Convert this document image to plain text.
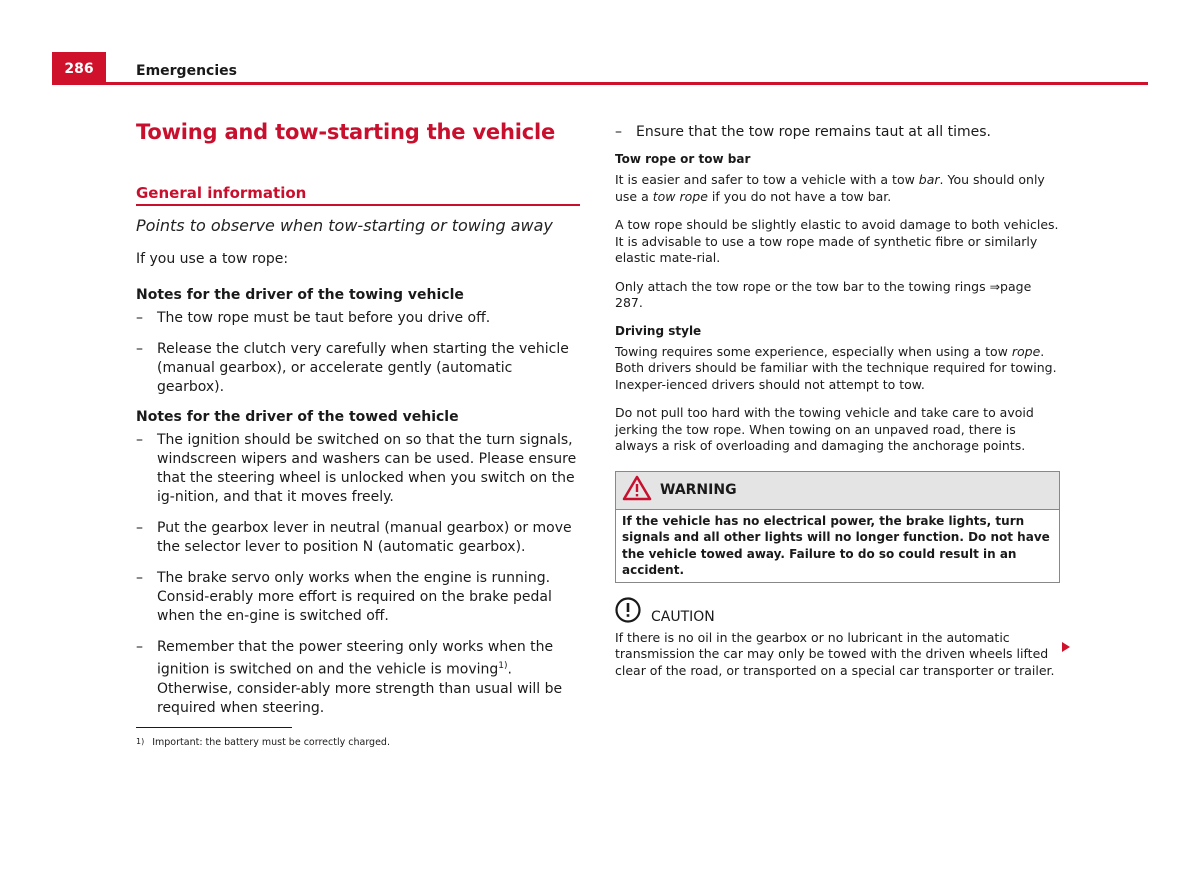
286	Emergencies
Towing and tow-starting the vehicle
General information
Points to observe when tow-starting or towing away
If you use a tow rope:
Notes for the driver of the towing vehicle
– The tow rope must be taut before you drive off.
– Release the clutch very carefully when starting the vehicle (manual gearbox), or accelerate gently (automatic gearbox).
Notes for the driver of the towed vehicle
– The ignition should be switched on so that the turn signals, windscreen wipers and washers can be used. Please ensure that the steering wheel is unlocked when you switch on the ig-nition, and that it moves freely.
– Put the gearbox lever in neutral (manual gearbox) or move the selector lever to position N (automatic gearbox).
– The brake servo only works when the engine is running. Consid-erably more effort is required on the brake pedal when the en-gine is switched off.
– Remember that the power steering only works when the ignition is switched on and the vehicle is moving$^{1)}$. Otherwise, consider-ably more strength than usual will be required when steering.
– Ensure that the tow rope remains taut at all times.
Tow rope or tow bar
It is easier and safer to tow a vehicle with a tow bar. You should only use a tow rope if you do not have a tow bar.
A tow rope should be slightly elastic to avoid damage to both vehicles. It is advisable to use a tow rope made of synthetic fibre or similarly elastic mate-rial.
Only attach the tow rope or the tow bar to the towing rings ⇒page 287.
Driving style
Towing requires some experience, especially when using a tow rope. Both drivers should be familiar with the technique required for towing. Inexper-ienced drivers should not attempt to tow.
Do not pull too hard with the towing vehicle and take care to avoid jerking the tow rope. When towing on an unpaved road, there is always a risk of overloading and damaging the anchorage points.
WARNING
If the vehicle has no electrical power, the brake lights, turn signals and all other lights will no longer function. Do not have the vehicle towed away. Failure to do so could result in an accident.
CAUTION
If there is no oil in the gearbox or no lubricant in the automatic transmission the car may only be towed with the driven wheels lifted clear of the road, or transported on a special car transporter or trailer.
$^{1)}$ Important: the battery must be correctly charged.
